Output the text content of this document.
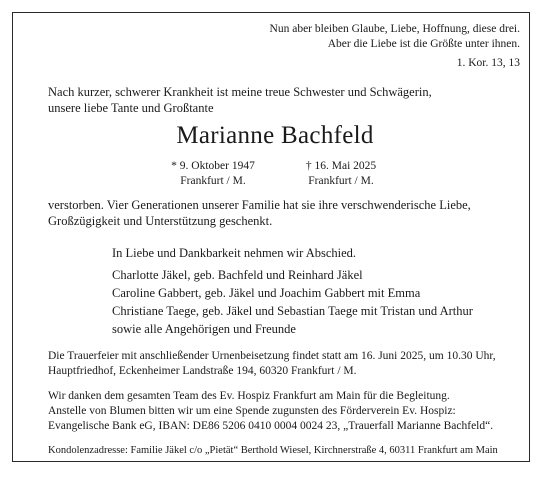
Nun aber bleiben Glaube, Liebe, Hoffnung, diese drei.
Aber die Liebe ist die Größte unter ihnen.
1. Kor. 13, 13
Nach kurzer, schwerer Krankheit ist meine treue Schwester und Schwägerin,
unsere liebe Tante und Großtante
Marianne Bachfeld
* 9. Oktober 1947
Frankfurt / M.
† 16. Mai 2025
Frankfurt / M.
verstorben. Vier Generationen unserer Familie hat sie ihre verschwenderische Liebe,
Großzügigkeit und Unterstützung geschenkt.
In Liebe und Dankbarkeit nehmen wir Abschied.
Charlotte Jäkel, geb. Bachfeld und Reinhard Jäkel
Caroline Gabbert, geb. Jäkel und Joachim Gabbert mit Emma
Christiane Taege, geb. Jäkel und Sebastian Taege mit Tristan und Arthur
sowie alle Angehörigen und Freunde
Die Trauerfeier mit anschließender Urnenbeisetzung findet statt am 16. Juni 2025, um 10.30 Uhr,
Hauptfriedhof, Eckenheimer Landstraße 194, 60320 Frankfurt / M.
Wir danken dem gesamten Team des Ev. Hospiz Frankfurt am Main für die Begleitung.
Anstelle von Blumen bitten wir um eine Spende zugunsten des Förderverein Ev. Hospiz:
Evangelische Bank eG, IBAN: DE86 5206 0410 0004 0024 23, „Trauerfall Marianne Bachfeld“.
Kondolenzadresse: Familie Jäkel c/o „Pietät“ Berthold Wiesel, Kirchnerstraße 4, 60311 Frankfurt am Main
